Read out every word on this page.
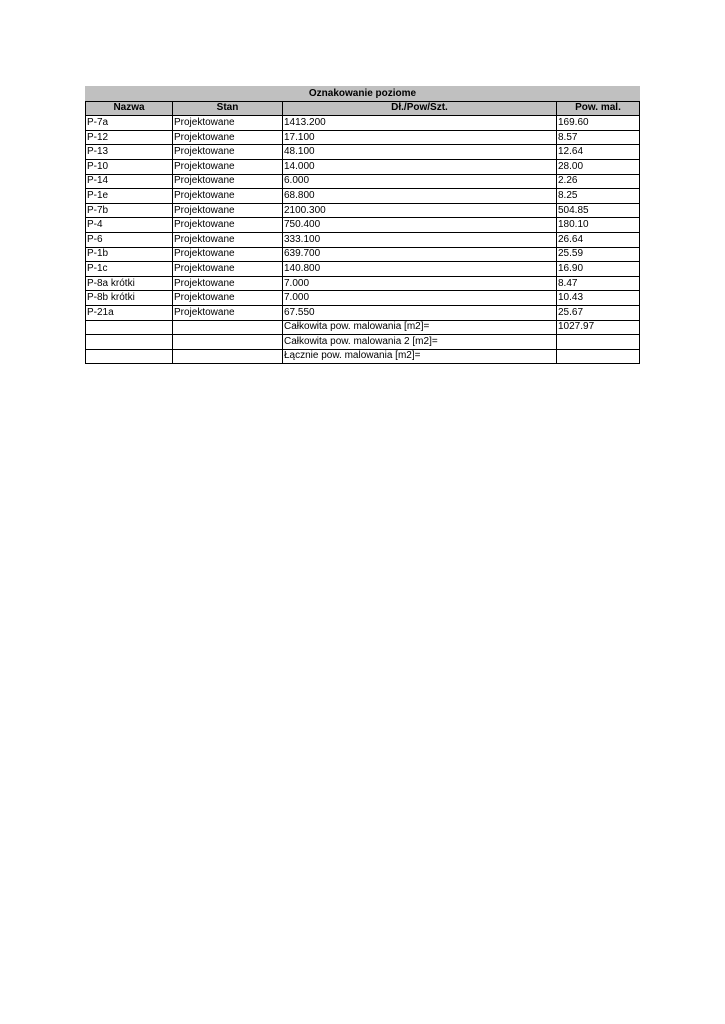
Oznakowanie poziome			
Nazwa	Stan	Dł./Pow/Szt.	Pow. mal.
P-7a	Projektowane	1413.200	169.60
P-12	Projektowane	17.100	8.57
P-13	Projektowane	48.100	12.64
P-10	Projektowane	14.000	28.00
P-14	Projektowane	6.000	2.26
P-1e	Projektowane	68.800	8.25
P-7b	Projektowane	2100.300	504.85
P-4	Projektowane	750.400	180.10
P-6	Projektowane	333.100	26.64
P-1b	Projektowane	639.700	25.59
P-1c	Projektowane	140.800	16.90
P-8a krótki	Projektowane	7.000	8.47
P-8b krótki	Projektowane	7.000	10.43
P-21a	Projektowane	67.550	25.67
		Całkowita pow. malowania [m2]=	1027.97
		Całkowita pow. malowania 2 [m2]=	
		Łącznie pow. malowania [m2]=	
